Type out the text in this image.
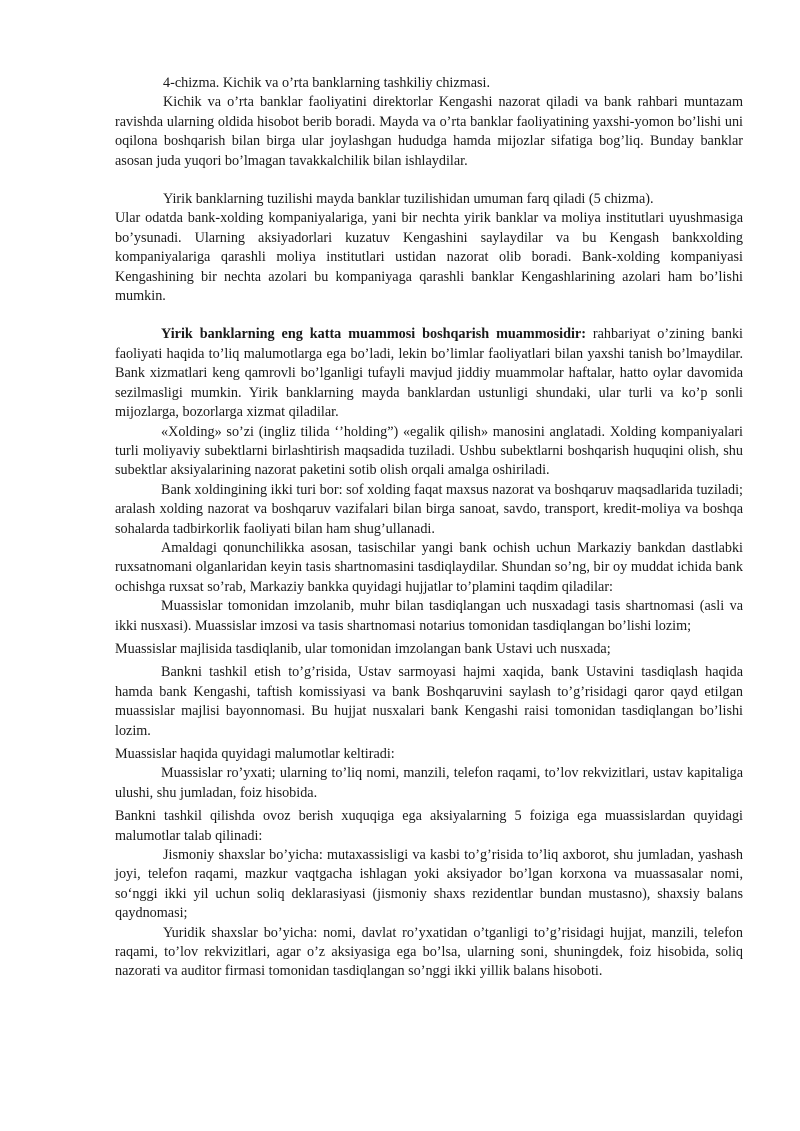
4-chizma. Kichik va o’rta banklarning tashkiliy chizmasi.

Kichik va o’rta banklar faoliyatini direktorlar Kengashi nazorat qiladi va bank rahbari muntazam ravishda ularning oldida hisobot berib boradi. Mayda va o’rta banklar faoliyatining yaxshi-yomon bo’lishi uni oqilona boshqarish bilan birga ular joylashgan hududga hamda mijozlar sifatiga bog’liq. Bunday banklar asosan juda yuqori bo’lmagan tavakkalchilik bilan ishlaydilar.

Yirik banklarning tuzilishi mayda banklar tuzilishidan umuman farq qiladi (5 chizma).

Ular odatda bank-xolding kompaniyalariga, yani bir nechta yirik banklar va moliya institutlari uyushmasiga bo’ysunadi. Ularning aksiyadorlari kuzatuv Kengashini saylaydilar va bu Kengash bankxolding kompaniyalariga qarashli moliya institutlari ustidan nazorat olib boradi. Bank-xolding kompaniyasi Kengashining bir nechta azolari bu kompaniyaga qarashli banklar Kengashlarining azolari ham bo’lishi mumkin.

Yirik banklarning eng katta muammosi boshqarish muammosidir: rahbariyat o’zining banki faoliyati haqida to’liq malumotlarga ega bo’ladi, lekin bo’limlar faoliyatlari bilan yaxshi tanish bo’lmaydilar. Bank xizmatlari keng qamrovli bo’lganligi tufayli mavjud jiddiy muammolar haftalar, hatto oylar davomida sezilmasligi mumkin. Yirik banklarning mayda banklardan ustunligi shundaki, ular turli va ko’p sonli mijozlarga, bozorlarga xizmat qiladilar.

«Xolding» so’zi (ingliz tilida ‘’holding”) «egalik qilish» manosini anglatadi. Xolding kompaniyalari turli moliyaviy subektlarni birlashtirish maqsadida tuziladi. Ushbu subektlarni boshqarish huquqini olish, shu subektlar aksiyalarining nazorat paketini sotib olish orqali amalga oshiriladi.

Bank xoldingining ikki turi bor: sof xolding faqat maxsus nazorat va boshqaruv maqsadlarida tuziladi; aralash xolding nazorat va boshqaruv vazifalari bilan birga sanoat, savdo, transport, kredit-moliya va boshqa sohalarda tadbirkorlik faoliyati bilan ham shug’ullanadi.

Amaldagi qonunchilikka asosan, tasischilar yangi bank ochish uchun Markaziy bankdan dastlabki ruxsatnomani olganlaridan keyin tasis shartnomasini tasdiqlaydilar. Shundan so’ng, bir oy muddat ichida bank ochishga ruxsat so’rab, Markaziy bankka quyidagi hujjatlar to’plamini taqdim qiladilar:

Muassislar tomonidan imzolanib, muhr bilan tasdiqlangan uch nusxadagi tasis shartnomasi (asli va ikki nusxasi). Muassislar imzosi va tasis shartnomasi notarius tomonidan tasdiqlangan bo’lishi lozim;

Muassislar majlisida tasdiqlanib, ular tomonidan imzolangan bank Ustavi uch nusxada;

Bankni tashkil etish to’g’risida, Ustav sarmoyasi hajmi xaqida, bank Ustavini tasdiqlash haqida hamda bank Kengashi, taftish komissiyasi va bank Boshqaruvini saylash to’g’risidagi qaror qayd etilgan muassislar majlisi bayonnomasi. Bu hujjat nusxalari bank Kengashi raisi tomonidan tasdiqlangan bo’lishi lozim.

Muassislar haqida quyidagi malumotlar keltiradi:

Muassislar ro’yxati; ularning to’liq nomi, manzili, telefon raqami, to’lov rekvizitlari, ustav kapitaliga ulushi, shu jumladan, foiz hisobida.

Bankni tashkil qilishda ovoz berish xuquqiga ega aksiyalarning 5 foiziga ega muassislardan quyidagi malumotlar talab qilinadi:

Jismoniy shaxslar bo’yicha: mutaxassisligi va kasbi to’g’risida to’liq axborot, shu jumladan, yashash joyi, telefon raqami, mazkur vaqtgacha ishlagan yoki aksiyador bo’lgan korxona va muassasalar nomi, so‘nggi ikki yil uchun soliq deklarasiyasi (jismoniy shaxs rezidentlar bundan mustasno), shaxsiy balans qaydnomasi;

Yuridik shaxslar bo’yicha: nomi, davlat ro’yxatidan o’tganligi to’g’risidagi hujjat, manzili, telefon raqami, to’lov rekvizitlari, agar o’z aksiyasiga ega bo’lsa, ularning soni, shuningdek, foiz hisobida, soliq nazorati va auditor firmasi tomonidan tasdiqlangan so’nggi ikki yillik balans hisoboti.
